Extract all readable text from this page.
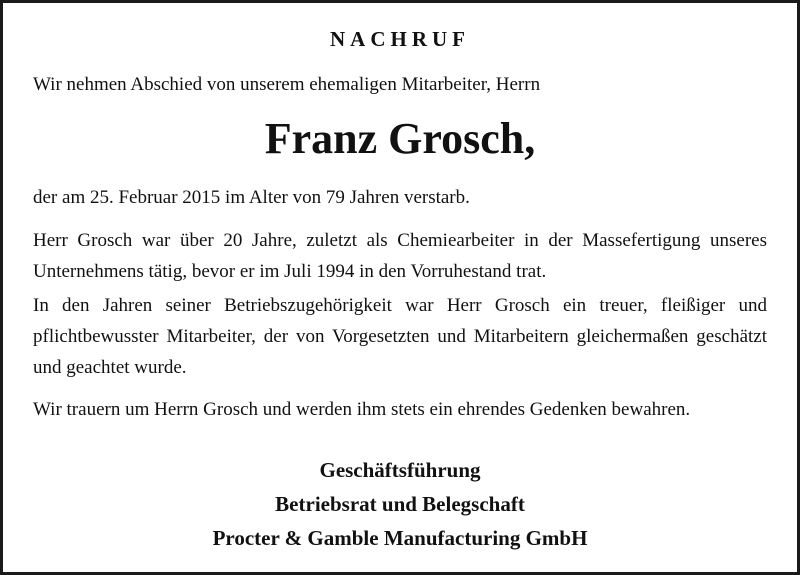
NACHRUF
Wir nehmen Abschied von unserem ehemaligen Mitarbeiter, Herrn
Franz Grosch,
der am 25. Februar 2015 im Alter von 79 Jahren verstarb.
Herr Grosch war über 20 Jahre, zuletzt als Chemiearbeiter in der Massefertigung unseres Unternehmens tätig, bevor er im Juli 1994 in den Vorruhestand trat.
In den Jahren seiner Betriebszugehörigkeit war Herr Grosch ein treuer, fleißiger und pflichtbewusster Mitarbeiter, der von Vorgesetzten und Mitarbeitern gleichermaßen geschätzt und geachtet wurde.
Wir trauern um Herrn Grosch und werden ihm stets ein ehrendes Gedenken bewahren.
Geschäftsführung
Betriebsrat und Belegschaft
Procter & Gamble Manufacturing GmbH
